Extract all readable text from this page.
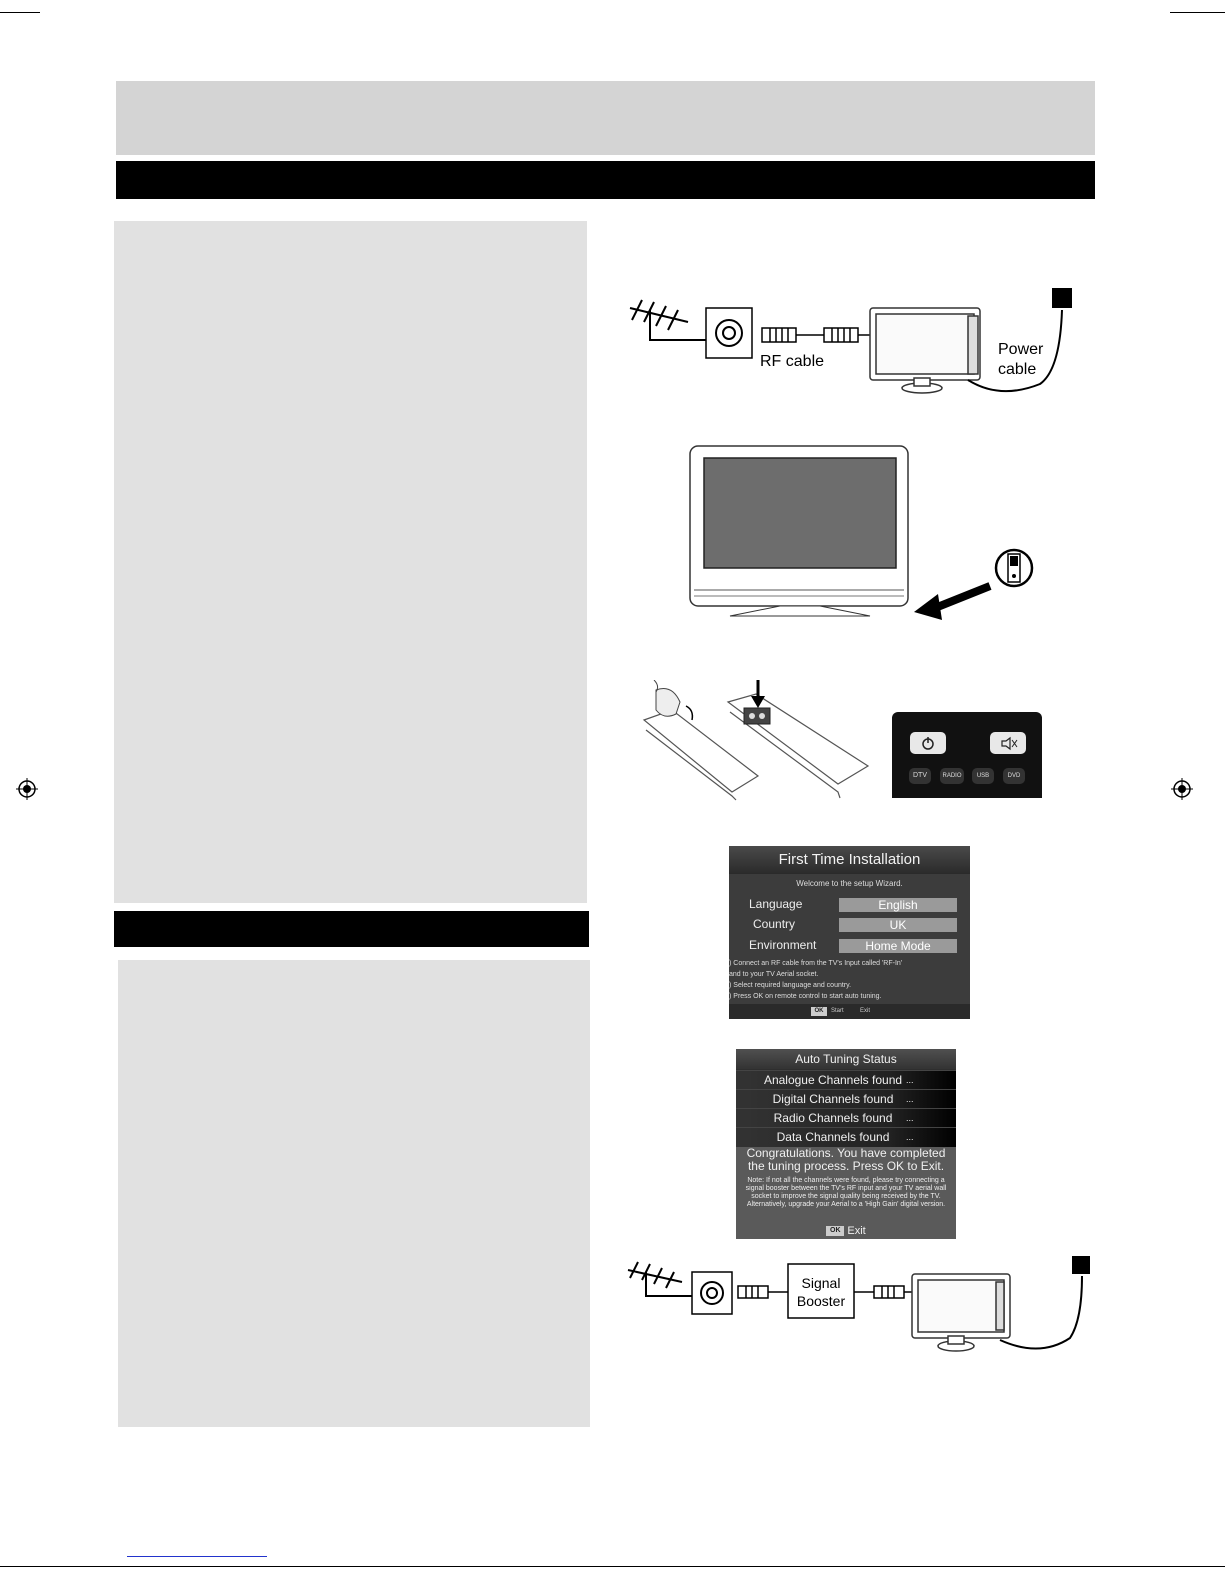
RF cable
Power
cable
DTV	RADIO	USB	DVD
First Time Installation
Welcome to the setup Wizard.
Language	English
Country	UK
Environment	Home Mode
) Connect an RF cable from the TV's Input called 'RF-In'
and to your TV Aerial socket.
) Select required language and country.
) Press OK on remote control to start auto tuning.
OK	Start	Exit
Auto Tuning Status
Analogue Channels found ...
Digital Channels found	...
Radio Channels found	...
Data Channels found	...
Congratulations. You have completed
the tuning process. Press OK to Exit.
Note: If not all the channels were found, please try connecting a signal booster between the TV's RF input and your TV aerial wall socket to improve the signal quality being received by the TV. Alternatively, upgrade your Aerial to a 'High Gain' digital version.
OK Exit
Signal
Booster
